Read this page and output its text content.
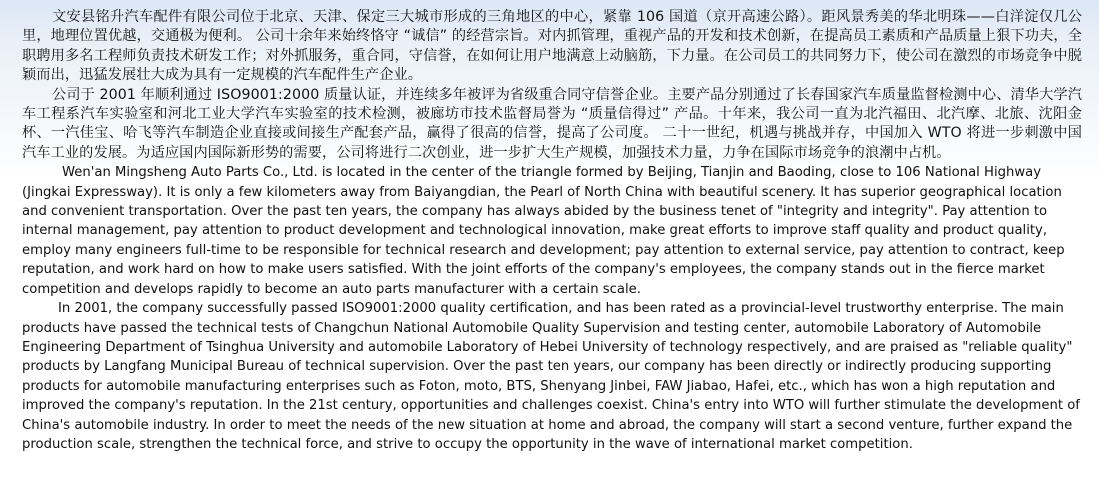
文安县铭升汽车配件有限公司位于北京、天津、保定三大城市形成的三角地区的中心，紧靠 106 国道（京开高速公路）。距风景秀美的华北明珠——白洋淀仅几公里，地理位置优越，交通极为便利。 公司十余年来始终恪守 “诚信” 的经营宗旨。对内抓管理，重视产品的开发和技术创新，在提高员工素质和产品质量上狠下功夫，全职聘用多名工程师负责技术研发工作；对外抓服务，重合同，守信誉，在如何让用户地满意上动脑筋，下力量。在公司员工的共同努力下，使公司在激烈的市场竞争中脱颖而出，迅猛发展壮大成为具有一定规模的汽车配件生产企业。

公司于 2001 年顺利通过 ISO9001:2000 质量认证，并连续多年被评为省级重合同守信誉企业。主要产品分别通过了长春国家汽车质量监督检测中心、清华大学汽车工程系汽车实验室和河北工业大学汽车实验室的技术检测，被廊坊市技术监督局誉为 “质量信得过” 产品。十年来，我公司一直为北汽福田、北汽摩、北旅、沈阳金杯、一汽佳宝、哈飞等汽车制造企业直接或间接生产配套产品，赢得了很高的信誉，提高了公司度。 二十一世纪，机遇与挑战并存，中国加入 WTO 将进一步刺激中国汽车工业的发展。为适应国内国际新形势的需要，公司将进行二次创业，进一步扩大生产规模，加强技术力量，力争在国际市场竞争的浪潮中占机。

Wen'an Mingsheng Auto Parts Co., Ltd. is located in the center of the triangle formed by Beijing, Tianjin and Baoding, close to 106 National Highway (Jingkai Expressway). It is only a few kilometers away from Baiyangdian, the Pearl of North China with beautiful scenery. It has superior geographical location and convenient transportation. Over the past ten years, the company has always abided by the business tenet of "integrity and integrity". Pay attention to internal management, pay attention to product development and technological innovation, make great efforts to improve staff quality and product quality, employ many engineers full-time to be responsible for technical research and development; pay attention to external service, pay attention to contract, keep reputation, and work hard on how to make users satisfied. With the joint efforts of the company's employees, the company stands out in the fierce market competition and develops rapidly to become an auto parts manufacturer with a certain scale.

In 2001, the company successfully passed ISO9001:2000 quality certification, and has been rated as a provincial-level trustworthy enterprise. The main products have passed the technical tests of Changchun National Automobile Quality Supervision and testing center, automobile Laboratory of Automobile Engineering Department of Tsinghua University and automobile Laboratory of Hebei University of technology respectively, and are praised as "reliable quality" products by Langfang Municipal Bureau of technical supervision. Over the past ten years, our company has been directly or indirectly producing supporting products for automobile manufacturing enterprises such as Foton, moto, BTS, Shenyang Jinbei, FAW Jiabao, Hafei, etc., which has won a high reputation and improved the company's reputation. In the 21st century, opportunities and challenges coexist. China's entry into WTO will further stimulate the development of China's automobile industry. In order to meet the needs of the new situation at home and abroad, the company will start a second venture, further expand the production scale, strengthen the technical force, and strive to occupy the opportunity in the wave of international market competition.
